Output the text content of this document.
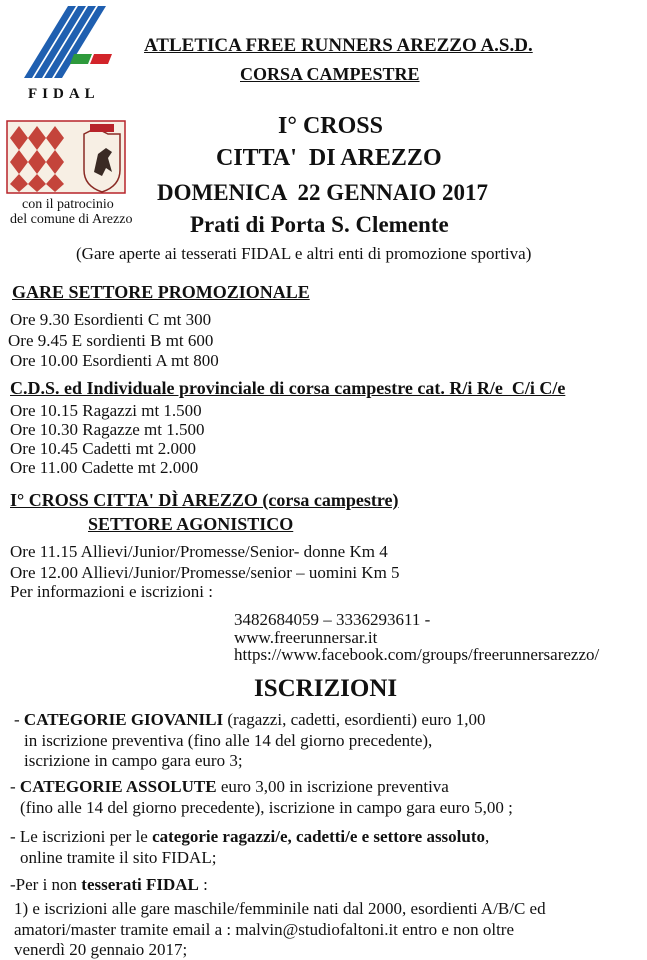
FIDAL
con il patrocinio
del comune di Arezzo
ATLETICA FREE RUNNERS AREZZO A.S.D.
CORSA CAMPESTRE
I° CROSS
CITTA'  DI AREZZO
DOMENICA  22 GENNAIO 2017
Prati di Porta S. Clemente
(Gare aperte ai tesserati FIDAL e altri enti di promozione sportiva)
GARE SETTORE PROMOZIONALE
Ore 9.30 Esordienti C mt 300
Ore 9.45 E sordienti B mt 600
Ore 10.00 Esordienti A mt 800
C.D.S. ed Individuale provinciale di corsa campestre cat. R/i R/e  C/i C/e
Ore 10.15 Ragazzi mt 1.500
Ore 10.30 Ragazze mt 1.500
Ore 10.45 Cadetti mt 2.000
Ore 11.00 Cadette mt 2.000
I° CROSS CITTA' DÌ AREZZO (corsa campestre)
SETTORE AGONISTICO
Ore 11.15 Allievi/Junior/Promesse/Senior- donne Km 4
Ore 12.00 Allievi/Junior/Promesse/senior – uomini Km 5
Per informazioni e iscrizioni :
3482684059 – 3336293611 -
www.freerunnersar.it
https://www.facebook.com/groups/freerunnersarezzo/
ISCRIZIONI
- CATEGORIE GIOVANILI (ragazzi, cadetti, esordienti) euro 1,00
in iscrizione preventiva (fino alle 14 del giorno precedente),
iscrizione in campo gara euro 3;
- CATEGORIE ASSOLUTE euro 3,00 in iscrizione preventiva
(fino alle 14 del giorno precedente), iscrizione in campo gara euro 5,00 ;
- Le iscrizioni per le categorie ragazzi/e, cadetti/e e settore assoluto,
online tramite il sito FIDAL;
-Per i non tesserati FIDAL :
1) e iscrizioni alle gare maschile/femminile nati dal 2000, esordienti A/B/C ed
amatori/master tramite email a : malvin@studiofaltoni.it entro e non oltre
venerdì 20 gennaio 2017;
